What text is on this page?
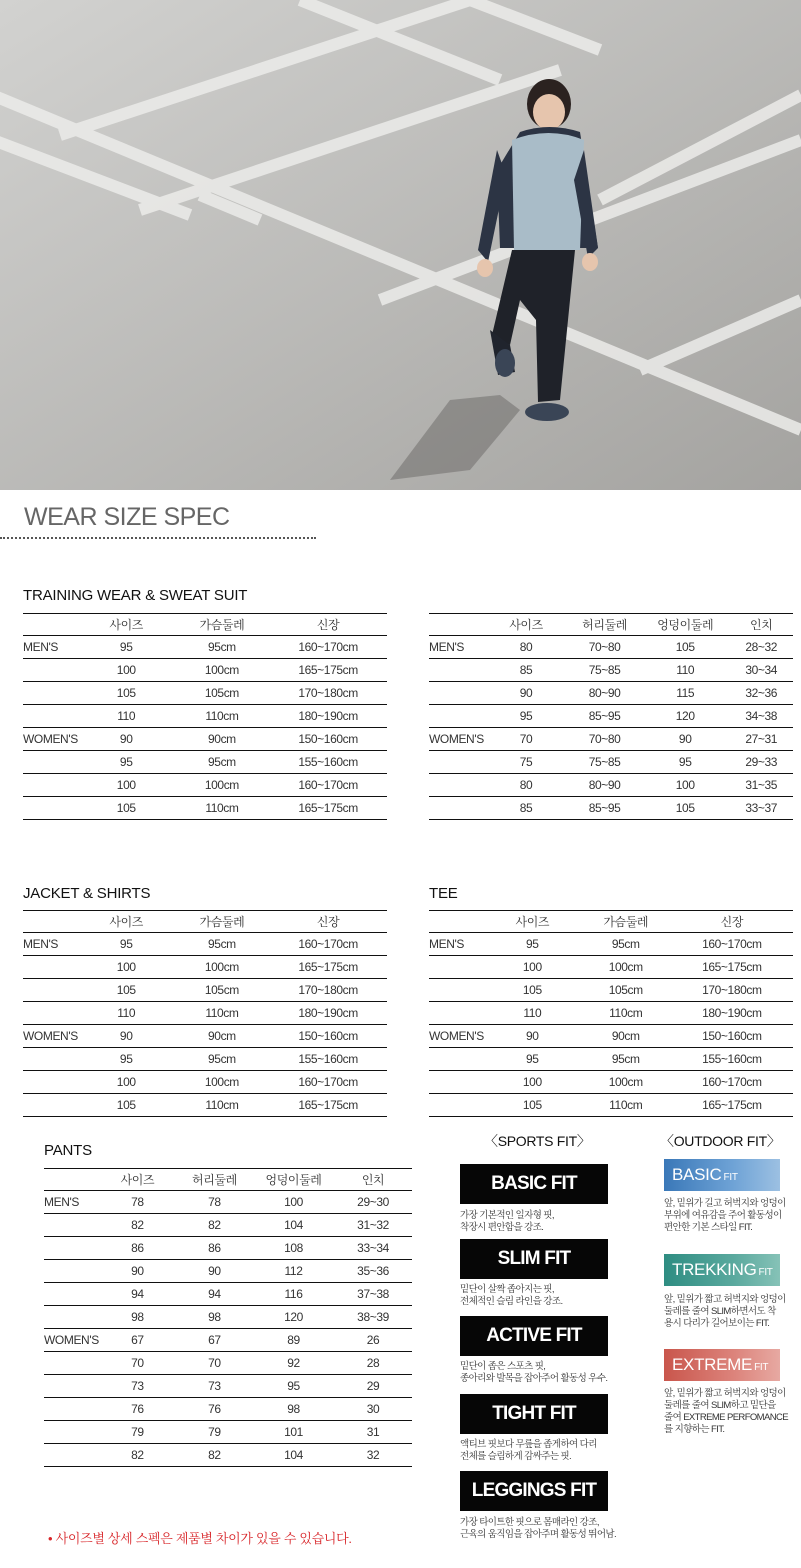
WEAR SIZE SPEC
TRAINING WEAR & SWEAT SUIT
	사이즈	가슴둘레	신장
MEN'S	95	95cm	160~170cm
	100	100cm	165~175cm
	105	105cm	170~180cm
	110	110cm	180~190cm
WOMEN'S	90	90cm	150~160cm
	95	95cm	155~160cm
	100	100cm	160~170cm
	105	110cm	165~175cm
	사이즈	허리둘레	엉덩이둘레	인치
MEN'S	80	70~80	105	28~32
	85	75~85	110	30~34
	90	80~90	115	32~36
	95	85~95	120	34~38
WOMEN'S	70	70~80	90	27~31
	75	75~85	95	29~33
	80	80~90	100	31~35
	85	85~95	105	33~37
JACKET & SHIRTS
	사이즈	가슴둘레	신장
MEN'S	95	95cm	160~170cm
	100	100cm	165~175cm
	105	105cm	170~180cm
	110	110cm	180~190cm
WOMEN'S	90	90cm	150~160cm
	95	95cm	155~160cm
	100	100cm	160~170cm
	105	110cm	165~175cm
TEE
	사이즈	가슴둘레	신장
MEN'S	95	95cm	160~170cm
	100	100cm	165~175cm
	105	105cm	170~180cm
	110	110cm	180~190cm
WOMEN'S	90	90cm	150~160cm
	95	95cm	155~160cm
	100	100cm	160~170cm
	105	110cm	165~175cm
PANTS
	사이즈	허리둘레	엉덩이둘레	인치
MEN'S	78	78	100	29~30
	82	82	104	31~32
	86	86	108	33~34
	90	90	112	35~36
	94	94	116	37~38
	98	98	120	38~39
WOMEN'S	67	67	89	26
	70	70	92	28
	73	73	95	29
	76	76	98	30
	79	79	101	31
	82	82	104	32
〈SPORTS FIT〉
BASIC FIT
가장 기본적인 일자형 핏,
착장시 편안함을 강조.
SLIM FIT
밑단이 살짝 좁아지는 핏,
전체적인 슬림 라인을 강조.
ACTIVE FIT
밑단이 좁은 스포츠 핏,
종아리와 발목을 잡아주어 활동성 우수.
TIGHT FIT
액티브 핏보다 무릎을 좁게하여 다리
전체를 슬림하게 감싸주는 핏.
LEGGINGS FIT
가장 타이트한 핏으로 몸매라인 강조,
근육의 움직임을 잡아주며 활동성 뛰어남.
〈OUTDOOR FIT〉
BASIC FIT
앞, 밑위가 길고 허벅지와 엉덩이
부위에 여유감을 주어 활동성이
편안한 기본 스타일 FIT.
TREKKING FIT
앞, 밑위가 짧고 허벅지와 엉덩이
둘레를 줄여 SLIM하면서도 착
용시 다리가 길어보이는 FIT.
EXTREME FIT
앞, 밑위가 짧고 허벅지와 엉덩이
둘레를 줄여 SLIM하고 밑단을
줄여 EXTREME PERFOMANCE
를 지향하는 FIT.
• 사이즈별 상세 스펙은 제품별 차이가 있을 수 있습니다.
